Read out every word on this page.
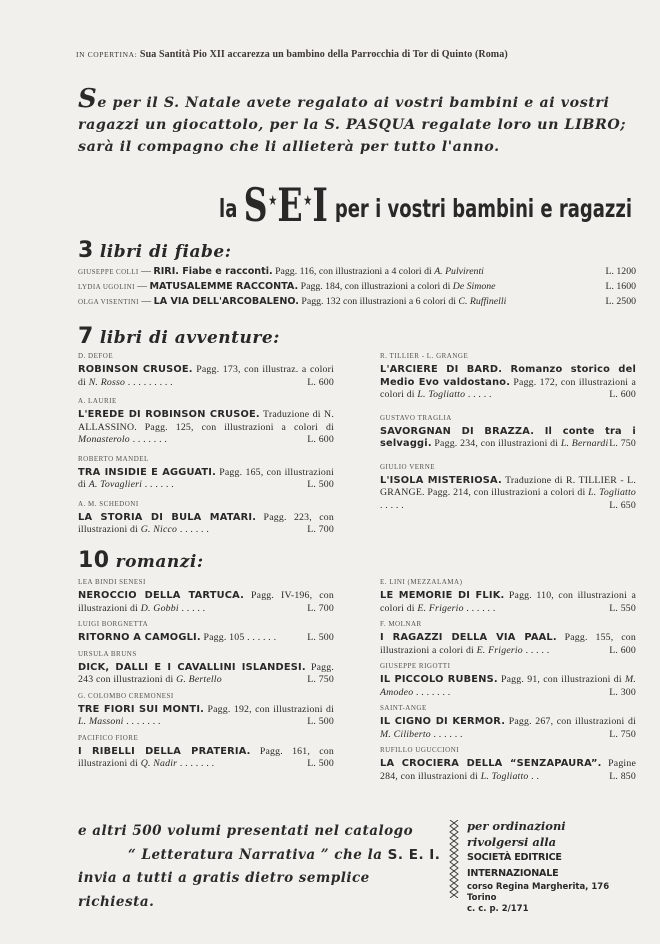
IN COPERTINA: Sua Santità Pio XII accarezza un bambino della Parrocchia di Tor di Quinto (Roma)
Se per il S. Natale avete regalato ai vostri bambini e ai vostri
ragazzi un giocattolo, per la S. PASQUA regalate loro un LIBRO;
sarà il compagno che li allieterà per tutto l'anno.
la S★E★I per i vostri bambini e ragazzi
3 libri di fiabe:
GIUSEPPE COLLI — RIRI. Fiabe e racconti. Pagg. 116, con illustrazioni a 4 colori di A. Pulvirenti	L. 1200
LYDIA UGOLINI — MATUSALEMME RACCONTA. Pagg. 184, con illustrazioni a colori di De Simone	L. 1600
OLGA VISENTINI — LA VIA DELL'ARCOBALENO. Pagg. 132 con illustrazioni a 6 colori di C. Ruffinelli	L. 2500
7 libri di avventure:
D. DEFOE
ROBINSON CRUSOE. Pagg. 173, con illustraz. a colori di N. Rosso . . . . . . . . .	L. 600
A. LAURIE
L'EREDE DI ROBINSON CRUSOE. Traduzione di N. ALLASSINO. Pagg. 125, con illustrazioni a colori di Monasterolo . . . . . . .	L. 600
ROBERTO MANDEL
TRA INSIDIE E AGGUATI. Pagg. 165, con illustrazioni di A. Tovaglieri . . . . . .	L. 500
A. M. SCHEDONI
LA STORIA DI BULA MATARI. Pagg. 223, con illustrazioni di G. Nicco . . . . . .	L. 700
R. TILLIER - L. GRANGE
L'ARCIERE DI BARD. Romanzo storico del Medio Evo valdostano. Pagg. 172, con illustrazioni a colori di L. Togliatto . . . . .	L. 600
GUSTAVO TRAGLIA
SAVORGNAN DI BRAZZA. Il conte tra i selvaggi. Pagg. 234, con illustrazioni di L. Bernardi L. 750
GIULIO VERNE
L'ISOLA MISTERIOSA. Traduzione di R. TILLIER - L. GRANGE. Pagg. 214, con illustrazioni a colori di L. Togliatto . . . . .	L. 650
10 romanzi:
LEA BINDI SENESI
NEROCCIO DELLA TARTUCA. Pagg. IV-196, con illustrazioni di D. Gobbi . . . . .	L. 700
LUIGI BORGNETTA
RITORNO A CAMOGLI. Pagg. 105 . . . . . .	L. 500
URSULA BRUNS
DICK, DALLI E I CAVALLINI ISLANDESI. Pagg. 243 con illustrazioni di G. Bertello	L. 750
G. COLOMBO CREMONESI
TRE FIORI SUI MONTI. Pagg. 192, con illustrazioni di L. Massoni . . . . . . .	L. 500
PACIFICO FIORE
I RIBELLI DELLA PRATERIA. Pagg. 161, con illustrazioni di Q. Nadir . . . . . . .	L. 500
E. LINI (MEZZALAMA)
LE MEMORIE DI FLIK. Pagg. 110, con illustrazioni a colori di E. Frigerio . . . . . .	L. 550
F. MOLNAR
I RAGAZZI DELLA VIA PAAL. Pagg. 155, con illustrazioni a colori di E. Frigerio . . . . .	L. 600
GIUSEPPE RIGOTTI
IL PICCOLO RUBENS. Pagg. 91, con illustrazioni di M. Amodeo . . . . . . .	L. 300
SAINT-ANGE
IL CIGNO DI KERMOR. Pagg. 267, con illustrazioni di M. Ciliberto . . . . . .	L. 750
RUFILLO UGUCCIONI
LA CROCIERA DELLA “SENZAPAURA”. Pagine 284, con illustrazioni di L. Togliatto . .	L. 850
e altri 500 volumi presentati nel catalogo
“ Letteratura Narrativa ” che la S. E. I.
invia a tutti a gratis dietro semplice richiesta.
per ordinazioni
rivolgersi alla
SOCIETÀ EDITRICE INTERNAZIONALE
corso Regina Margherita, 176
Torino
c. c. p. 2/171
